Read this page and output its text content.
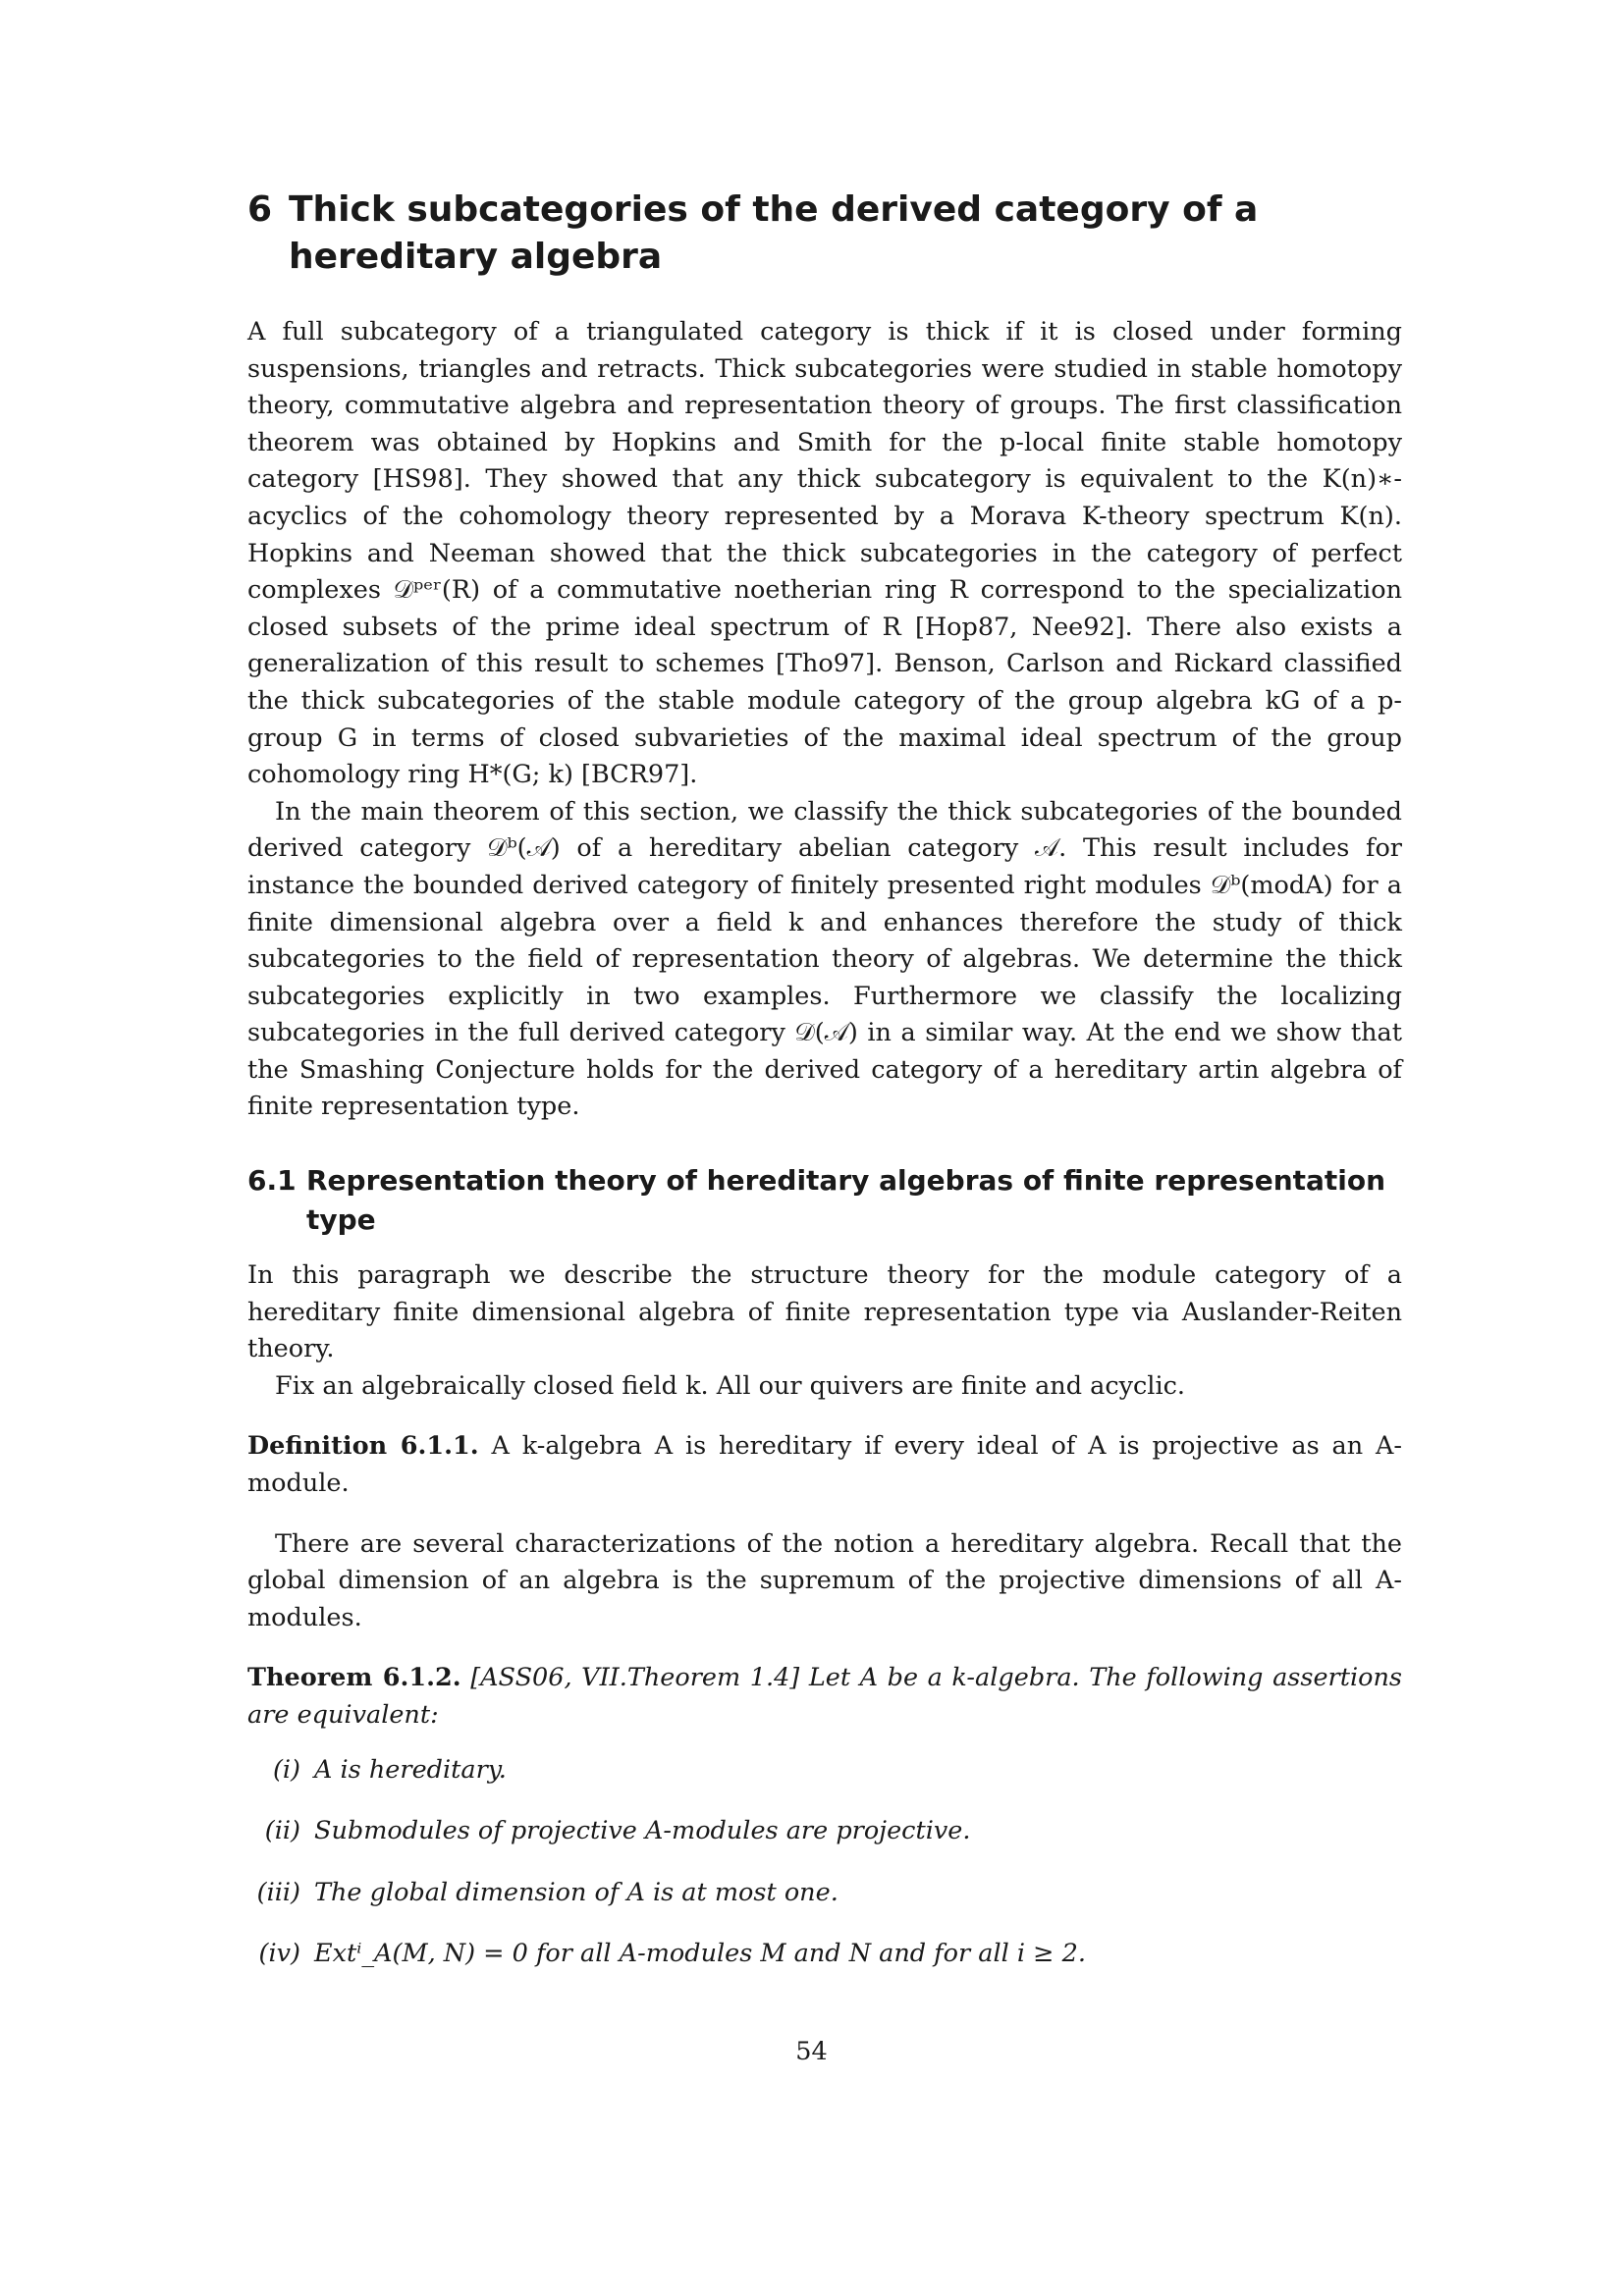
6 Thick subcategories of the derived category of a hereditary algebra

A full subcategory of a triangulated category is thick if it is closed under forming suspensions, triangles and retracts. Thick subcategories were studied in stable homotopy theory, commutative algebra and representation theory of groups. The first classification theorem was obtained by Hopkins and Smith for the p-local finite stable homotopy category [HS98]. They showed that any thick subcategory is equivalent to the K(n)∗-acyclics of the cohomology theory represented by a Morava K-theory spectrum K(n). Hopkins and Neeman showed that the thick subcategories in the category of perfect complexes 𝒟ᵖᵉʳ(R) of a commutative noetherian ring R correspond to the specialization closed subsets of the prime ideal spectrum of R [Hop87, Nee92]. There also exists a generalization of this result to schemes [Tho97]. Benson, Carlson and Rickard classified the thick subcategories of the stable module category of the group algebra kG of a p-group G in terms of closed subvarieties of the maximal ideal spectrum of the group cohomology ring H*(G; k) [BCR97].

In the main theorem of this section, we classify the thick subcategories of the bounded derived category 𝒟ᵇ(𝒜) of a hereditary abelian category 𝒜. This result includes for instance the bounded derived category of finitely presented right modules 𝒟ᵇ(modA) for a finite dimensional algebra over a field k and enhances therefore the study of thick subcategories to the field of representation theory of algebras. We determine the thick subcategories explicitly in two examples. Furthermore we classify the localizing subcategories in the full derived category 𝒟(𝒜) in a similar way. At the end we show that the Smashing Conjecture holds for the derived category of a hereditary artin algebra of finite representation type.

6.1 Representation theory of hereditary algebras of finite representation type

In this paragraph we describe the structure theory for the module category of a hereditary finite dimensional algebra of finite representation type via Auslander-Reiten theory.

Fix an algebraically closed field k. All our quivers are finite and acyclic.

Definition 6.1.1. A k-algebra A is hereditary if every ideal of A is projective as an A-module.

There are several characterizations of the notion a hereditary algebra. Recall that the global dimension of an algebra is the supremum of the projective dimensions of all A-modules.

Theorem 6.1.2. [ASS06, VII.Theorem 1.4] Let A be a k-algebra. The following assertions are equivalent:

(i) A is hereditary.
(ii) Submodules of projective A-modules are projective.
(iii) The global dimension of A is at most one.
(iv) Extⁱ_A(M, N) = 0 for all A-modules M and N and for all i ≥ 2.
54
